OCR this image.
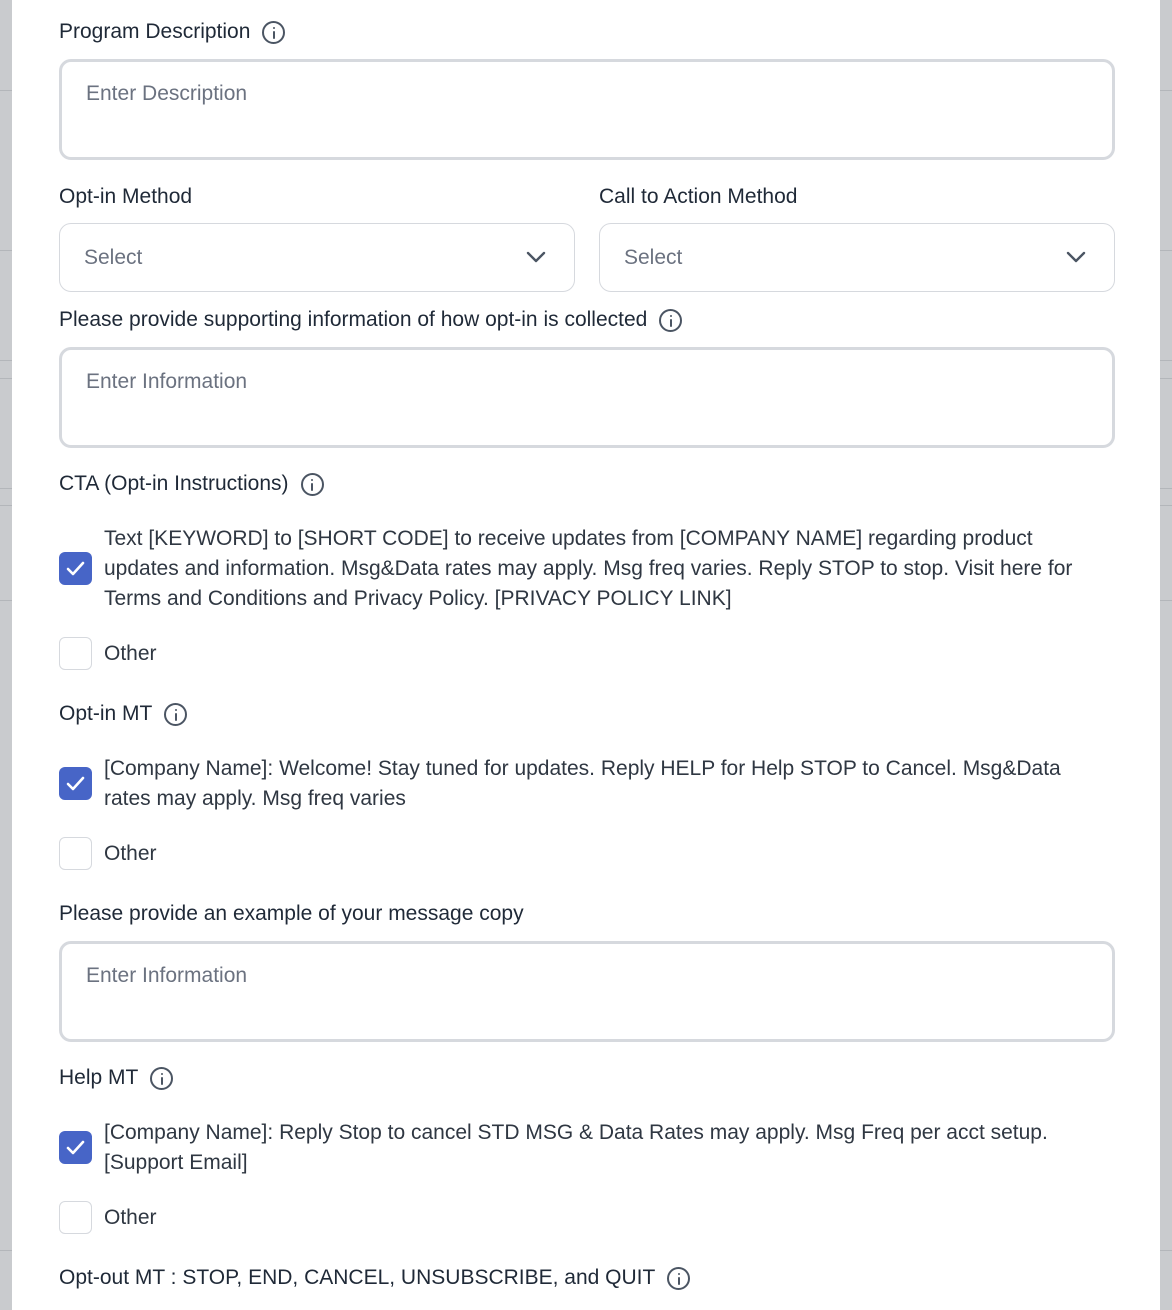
Program Description
Enter Description
Opt-in Method	Call to Action Method
Select	Select
Please provide supporting information of how opt-in is collected
Enter Information
CTA (Opt-in Instructions)
Text [KEYWORD] to [SHORT CODE] to receive updates from [COMPANY NAME] regarding product updates and information. Msg&Data rates may apply. Msg freq varies. Reply STOP to stop. Visit here for Terms and Conditions and Privacy Policy. [PRIVACY POLICY LINK]
Other
Opt-in MT
[Company Name]: Welcome! Stay tuned for updates. Reply HELP for Help STOP to Cancel. Msg&Data rates may apply. Msg freq varies
Other
Please provide an example of your message copy
Enter Information
Help MT
[Company Name]: Reply Stop to cancel STD MSG & Data Rates may apply. Msg Freq per acct setup. [Support Email]
Other
Opt-out MT : STOP, END, CANCEL, UNSUBSCRIBE, and QUIT
